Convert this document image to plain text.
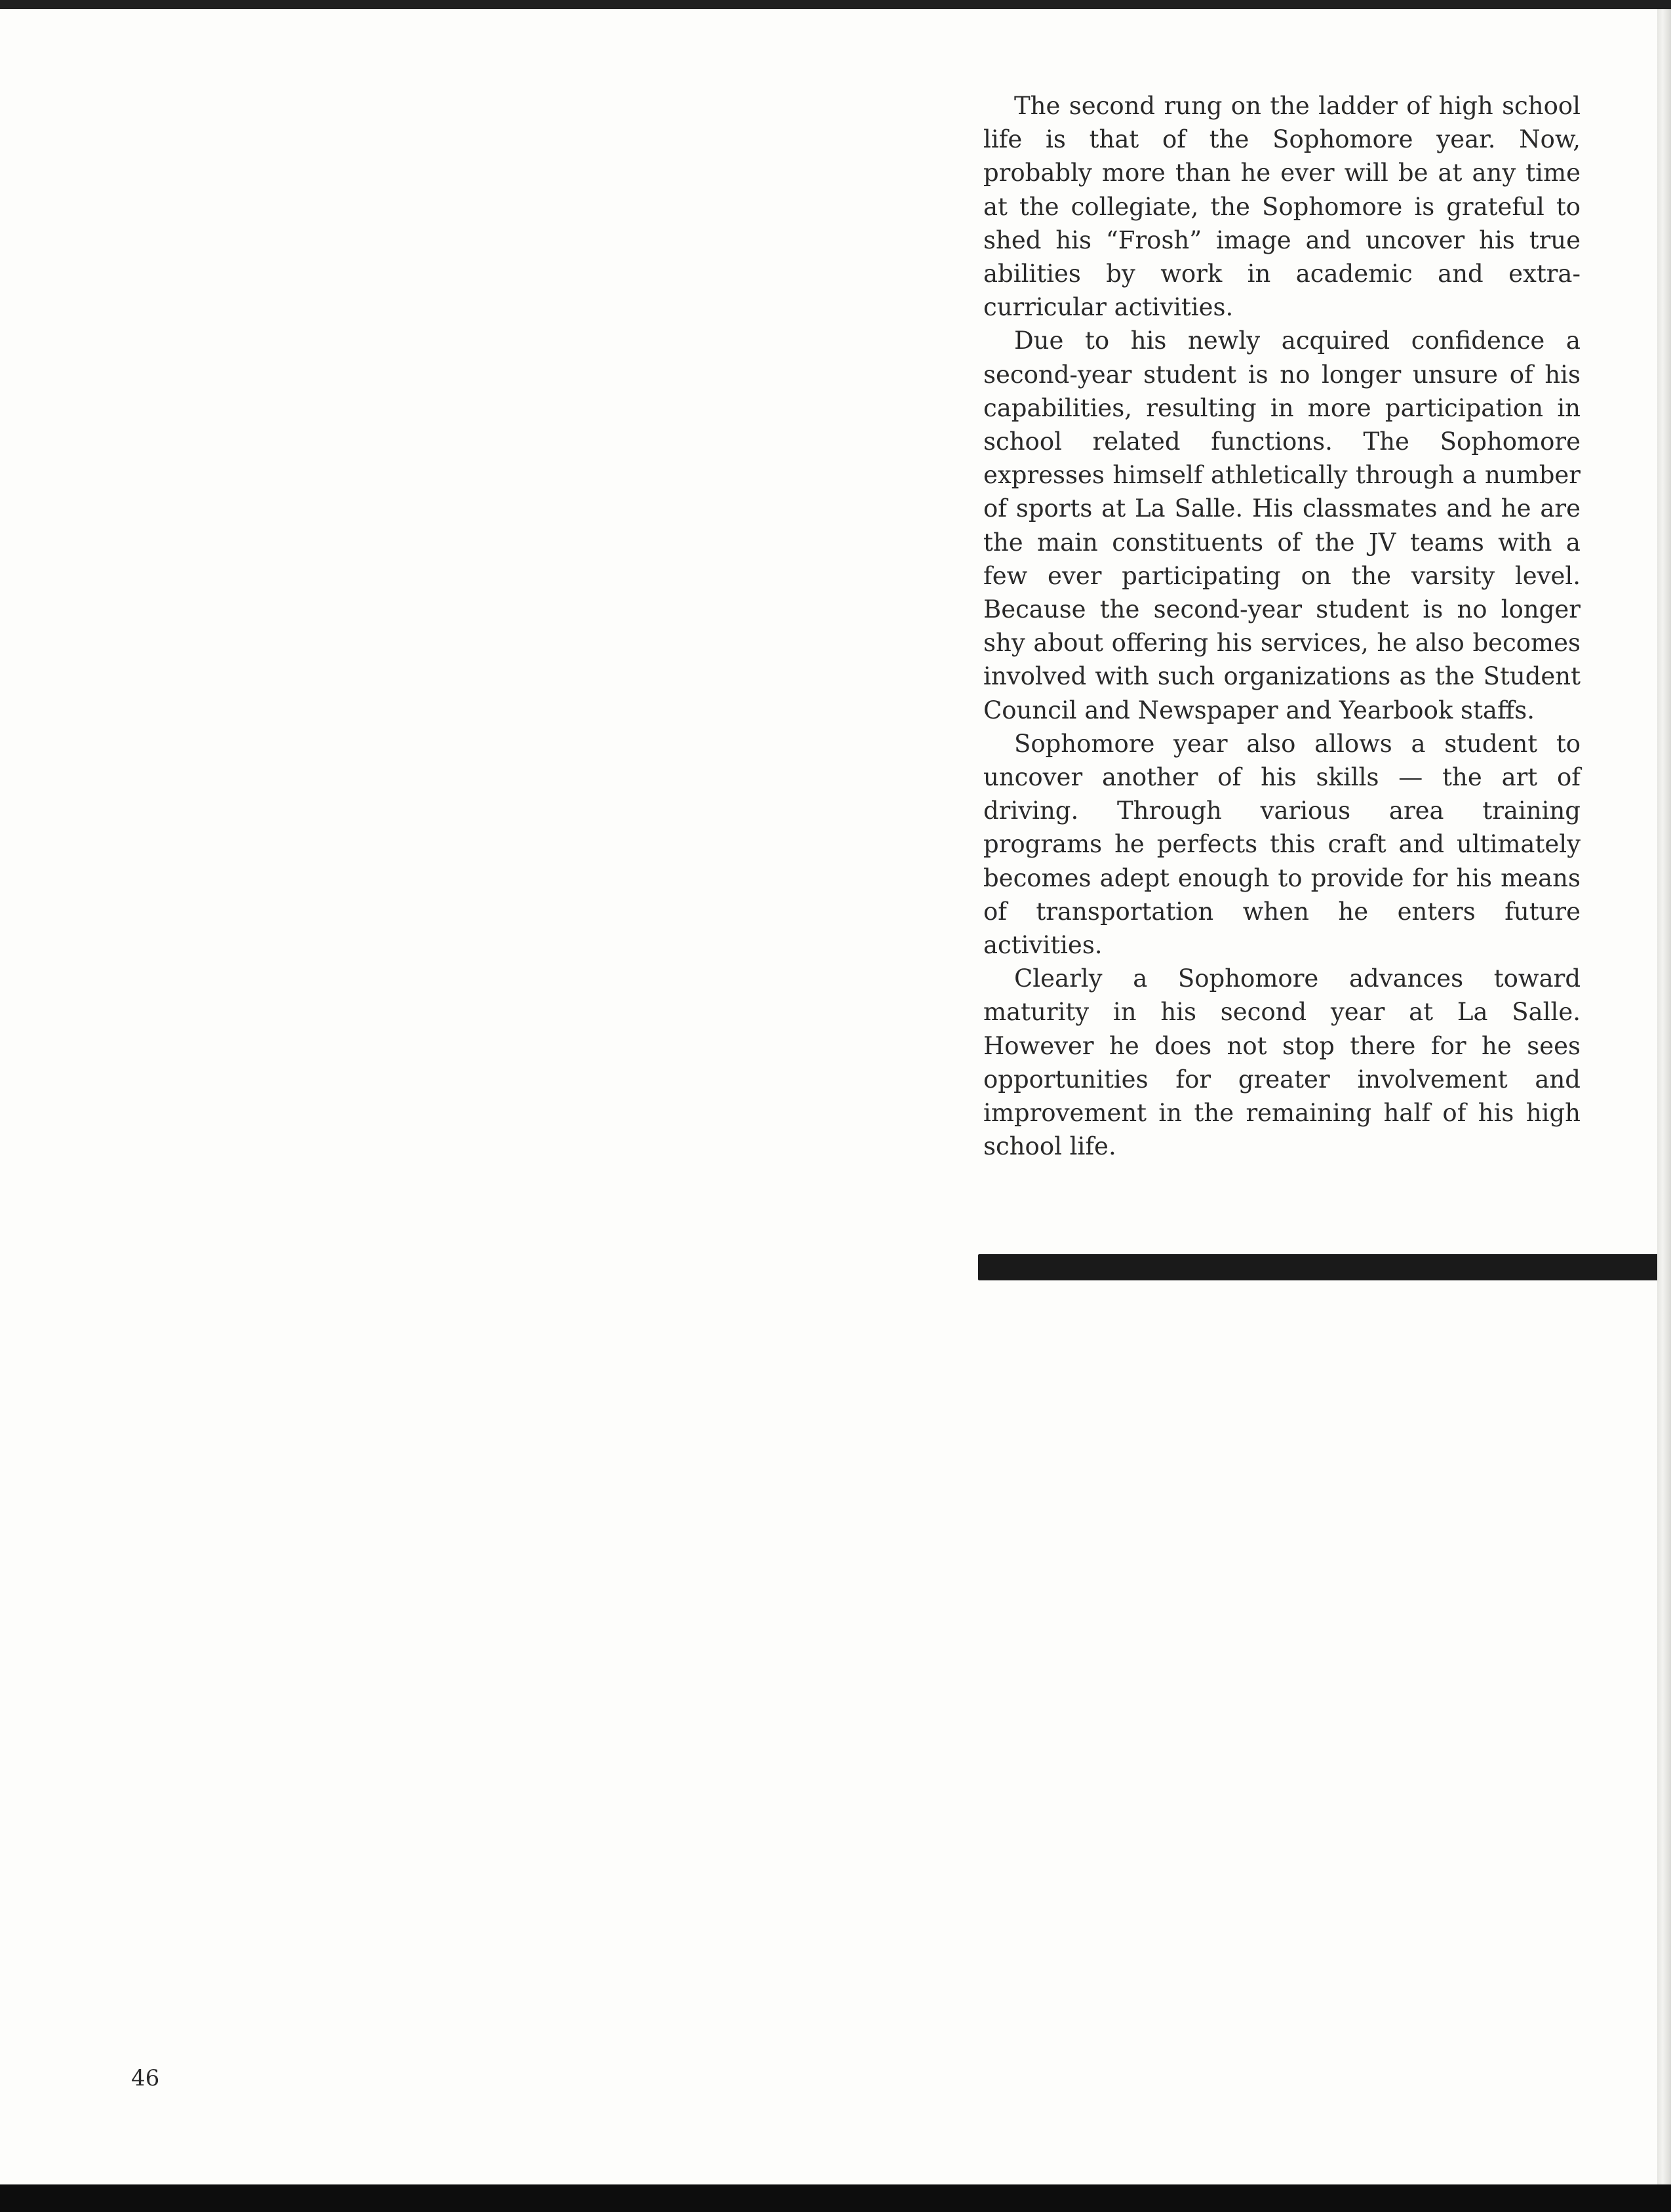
The second rung on the ladder of high school life is that of the Sophomore year. Now, probably more than he ever will be at any time at the collegiate, the Sophomore is grateful to shed his “Frosh” image and uncover his true abilities by work in academic and extra-curricular activities.

Due to his newly acquired confidence a second-year student is no longer unsure of his capabilities, resulting in more participation in school related functions. The Sophomore expresses himself athletically through a number of sports at La Salle. His classmates and he are the main constituents of the JV teams with a few ever participating on the varsity level. Because the second-year student is no longer shy about offering his services, he also becomes involved with such organizations as the Student Council and Newspaper and Yearbook staffs.

Sophomore year also allows a student to uncover another of his skills — the art of driving. Through various area training programs he perfects this craft and ultimately becomes adept enough to provide for his means of transportation when he enters future activities.

Clearly a Sophomore advances toward maturity in his second year at La Salle. However he does not stop there for he sees opportunities for greater involvement and improvement in the remaining half of his high school life.

46
